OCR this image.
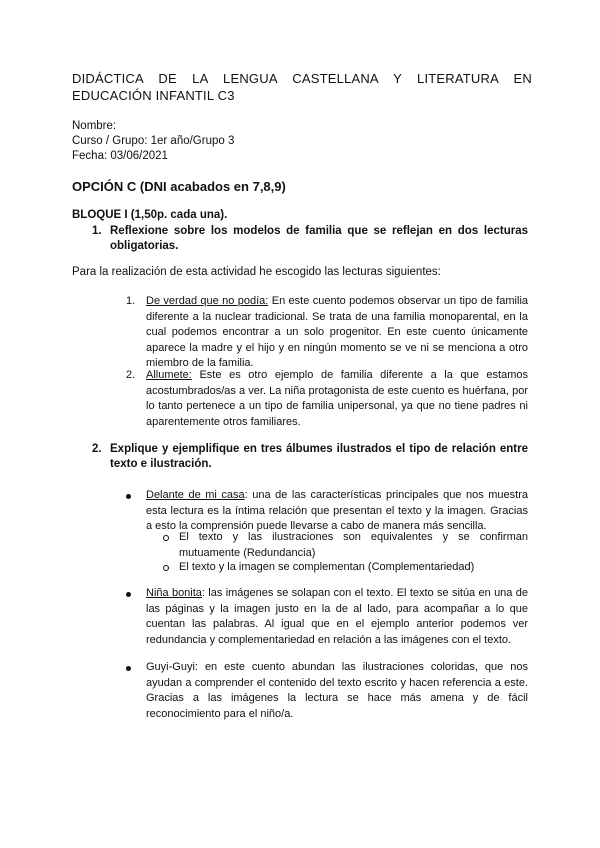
DIDÁCTICA DE LA LENGUA CASTELLANA Y LITERATURA EN EDUCACIÓN INFANTIL C3
Nombre:
Curso / Grupo: 1er año/Grupo 3
Fecha: 03/06/2021
OPCIÓN C (DNI acabados en 7,8,9)
BLOQUE I (1,50p. cada una).
1. Reflexione sobre los modelos de familia que se reflejan en dos lecturas obligatorias.
Para la realización de esta actividad he escogido las lecturas siguientes:
1. De verdad que no podía: En este cuento podemos observar un tipo de familia diferente a la nuclear tradicional. Se trata de una familia monoparental, en la cual podemos encontrar a un solo progenitor. En este cuento únicamente aparece la madre y el hijo y en ningún momento se ve ni se menciona a otro miembro de la familia.
2. Allumete: Este es otro ejemplo de familia diferente a la que estamos acostumbrados/as a ver. La niña protagonista de este cuento es huérfana, por lo tanto pertenece a un tipo de familia unipersonal, ya que no tiene padres ni aparentemente otros familiares.
2. Explique y ejemplifique en tres álbumes ilustrados el tipo de relación entre texto e ilustración.
Delante de mi casa: una de las características principales que nos muestra esta lectura es la íntima relación que presentan el texto y la imagen. Gracias a esto la comprensión puede llevarse a cabo de manera más sencilla.
El texto y las ilustraciones son equivalentes y se confirman mutuamente (Redundancia)
El texto y la imagen se complementan (Complementariedad)
Niña bonita: las imágenes se solapan con el texto. El texto se sitúa en una de las páginas y la imagen justo en la de al lado, para acompañar a lo que cuentan las palabras. Al igual que en el ejemplo anterior podemos ver redundancia y complementariedad en relación a las imágenes con el texto.
Guyi-Guyi: en este cuento abundan las ilustraciones coloridas, que nos ayudan a comprender el contenido del texto escrito y hacen referencia a este. Gracias a las imágenes la lectura se hace más amena y de fácil reconocimiento para el niño/a.
